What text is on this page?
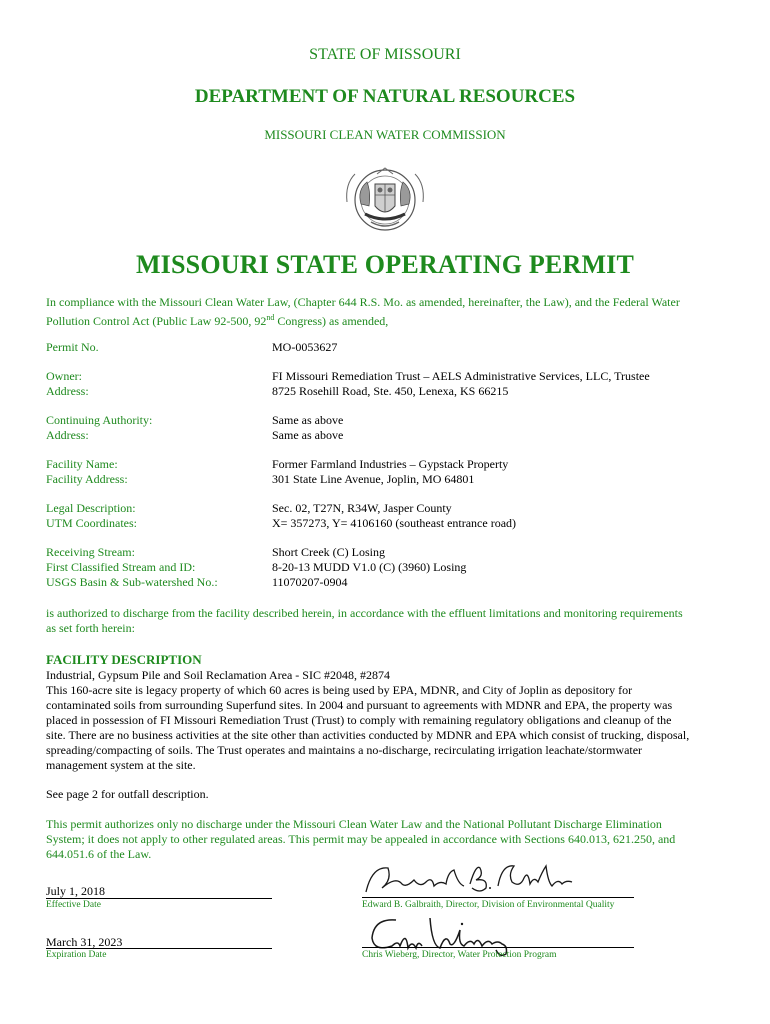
STATE OF MISSOURI
DEPARTMENT OF NATURAL RESOURCES
MISSOURI CLEAN WATER COMMISSION
MISSOURI STATE OPERATING PERMIT
In compliance with the Missouri Clean Water Law, (Chapter 644 R.S. Mo. as amended, hereinafter, the Law), and the Federal Water
Pollution Control Act (Public Law 92-500, 92nd Congress) as amended,
Permit No.	MO-0053627
Owner:	FI Missouri Remediation Trust – AELS Administrative Services, LLC, Trustee
Address:	8725 Rosehill Road, Ste. 450, Lenexa, KS 66215
Continuing Authority:	Same as above
Address:	Same as above
Facility Name:	Former Farmland Industries – Gypstack Property
Facility Address:	301 State Line Avenue, Joplin, MO 64801
Legal Description:	Sec. 02, T27N, R34W, Jasper County
UTM Coordinates:	X= 357273, Y= 4106160 (southeast entrance road)
Receiving Stream:	Short Creek (C) Losing
First Classified Stream and ID:	8-20-13 MUDD V1.0 (C) (3960) Losing
USGS Basin & Sub-watershed No.:	11070207-0904
is authorized to discharge from the facility described herein, in accordance with the effluent limitations and monitoring requirements
as set forth herein:
FACILITY DESCRIPTION
Industrial, Gypsum Pile and Soil Reclamation Area - SIC #2048, #2874
This 160-acre site is legacy property of which 60 acres is being used by EPA, MDNR, and City of Joplin as depository for
contaminated soils from surrounding Superfund sites. In 2004 and pursuant to agreements with MDNR and EPA, the property was
placed in possession of FI Missouri Remediation Trust (Trust) to comply with remaining regulatory obligations and cleanup of the
site. There are no business activities at the site other than activities conducted by MDNR and EPA which consist of trucking, disposal,
spreading/compacting of soils. The Trust operates and maintains a no-discharge, recirculating irrigation leachate/stormwater
management system at the site.
See page 2 for outfall description.
This permit authorizes only no discharge under the Missouri Clean Water Law and the National Pollutant Discharge Elimination
System; it does not apply to other regulated areas. This permit may be appealed in accordance with Sections 640.013, 621.250, and
644.051.6 of the Law.
July 1, 2018
Effective Date	Edward B. Galbraith, Director, Division of Environmental Quality
March 31, 2023
Expiration Date	Chris Wieberg, Director, Water Protection Program
